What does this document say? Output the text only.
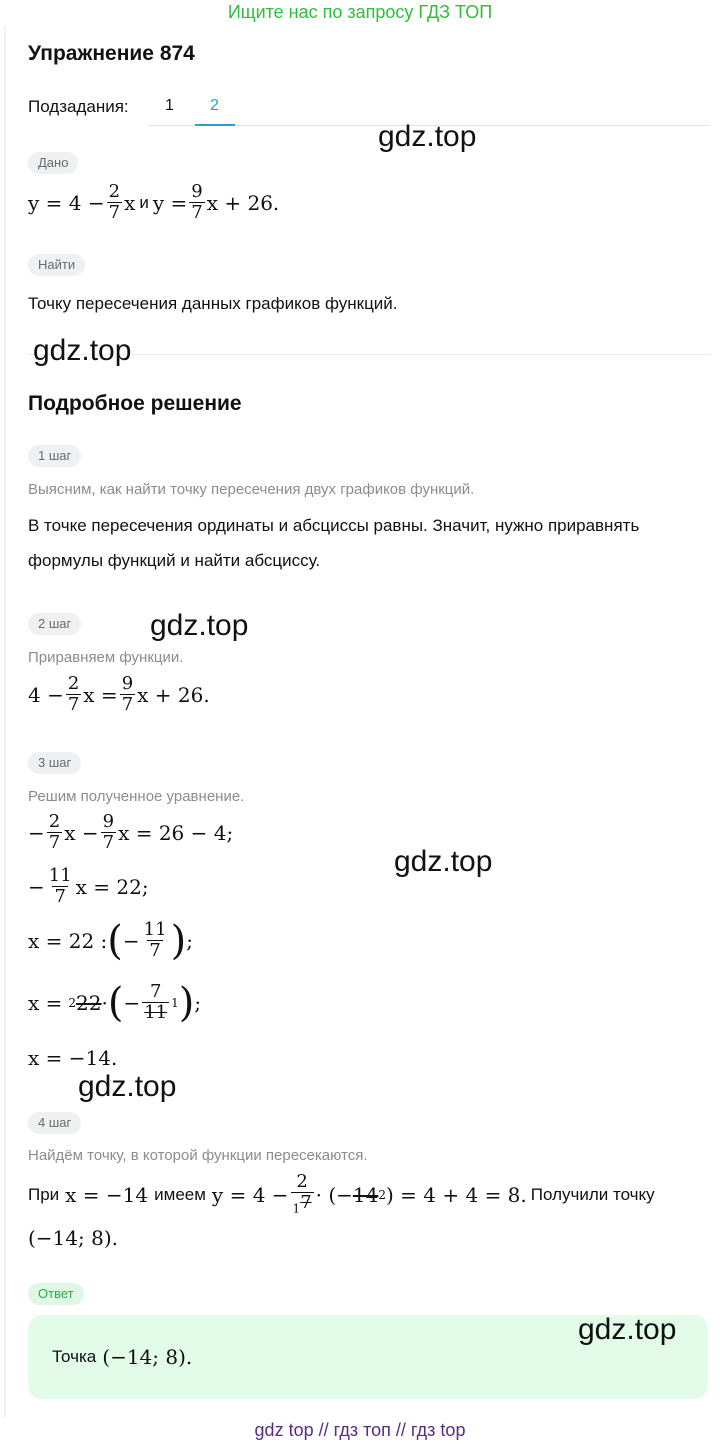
Ищите нас по запросу ГДЗ ТОП
Упражнение 874
Подзадания: 1 2
Дано
$y = 4 - \frac{2}{7}$ x и $y = \frac{9}{7}$ x + 26.
Найти
Точку пересечения данных графиков функций.
Подробное решение
1 шаг
Выясним, как найти точку пересечения двух графиков функций.
В точке пересечения ординаты и абсциссы равны. Значит, нужно приравнять
формулы функций и найти абсциссу.
2 шаг
Приравняем функции.
$4 - \frac{2}{7}$ $x = \frac{9}{7}$ x + 26.
3 шаг
Решим полученное уравнение.
− $\frac{2}{7}$ $x - \frac{9}{7}$ x = 26 − 4;
− $\frac{11}{7}$ x = 22;
x = 22 : ( − $\frac{11}{7}$ ) ;
x = 2 22 · ( − $\frac{7}{11} 1$ ) ;
x = −14.
4 шаг
Найдём точку, в которой функции пересекаются.
При x = −14 имеем $y = 4 - \frac{2}{_17}$ · (− 14 2 ) = 4 + 4 = 8. Получили точку
(−14; 8).
Ответ
Точка (−14; 8).
gdz.top
gdz.top
gdz.top
gdz.top
gdz.top
gdz.top
gdz top // гдз топ // гдз top
